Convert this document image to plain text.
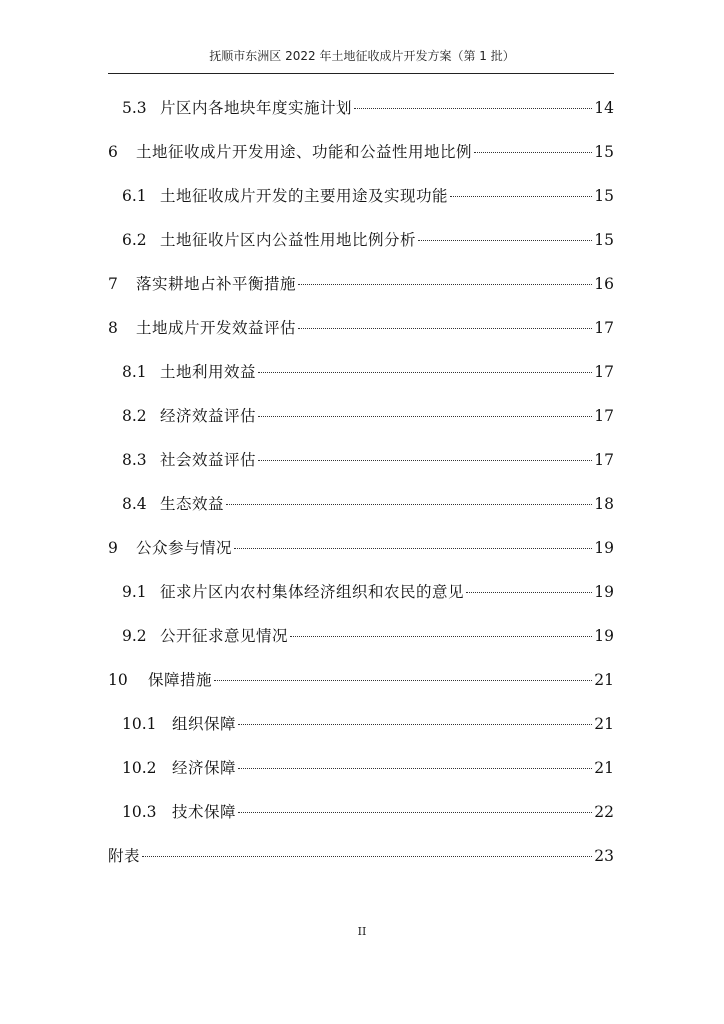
抚顺市东洲区 2022 年土地征收成片开发方案（第 1 批）
5.3 片区内各地块年度实施计划	14
6	土地征收成片开发用途、功能和公益性用地比例	15
6.1 土地征收成片开发的主要用途及实现功能	15
6.2 土地征收片区内公益性用地比例分析	15
7	落实耕地占补平衡措施	16
8	土地成片开发效益评估	17
8.1 土地利用效益	17
8.2 经济效益评估	17
8.3 社会效益评估	17
8.4 生态效益	18
9	公众参与情况	19
9.1 征求片区内农村集体经济组织和农民的意见	19
9.2 公开征求意见情况	19
10	保障措施	21
10.1 组织保障	21
10.2 经济保障	21
10.3 技术保障	22
附表	23
II
